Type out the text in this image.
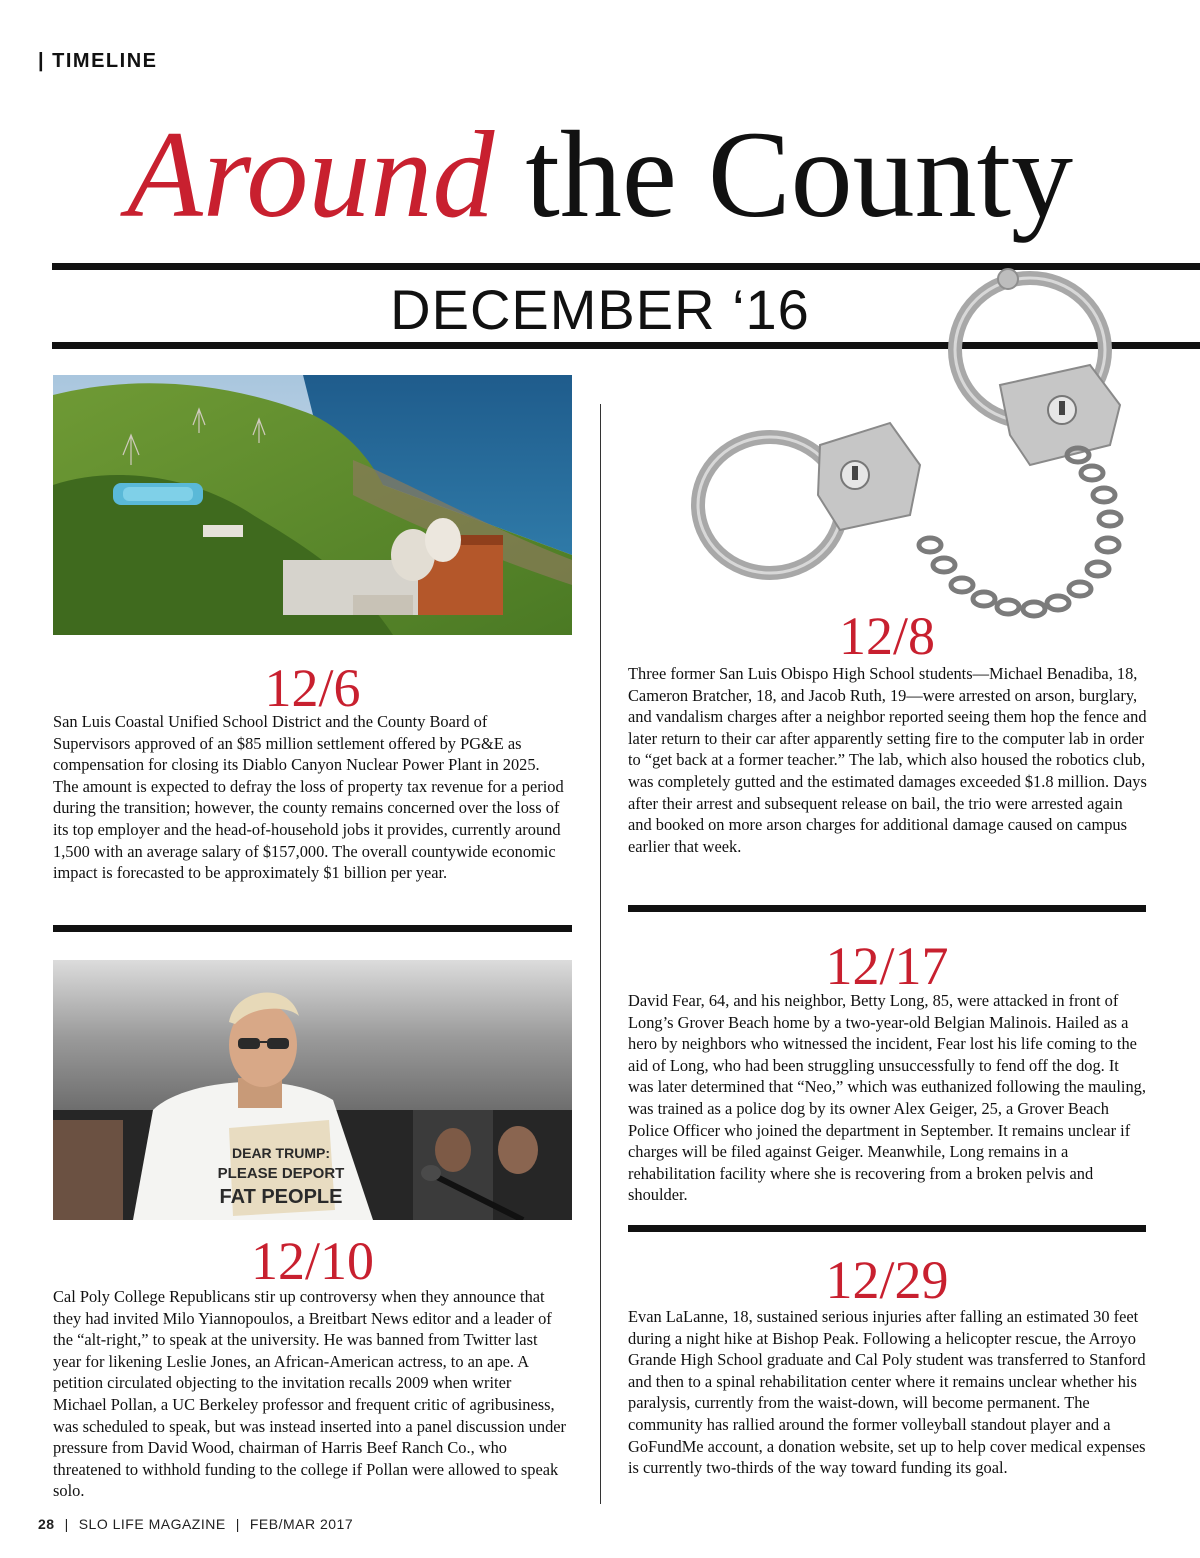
| TIMELINE
Around the County
DECEMBER ‘16
12/6
San Luis Coastal Unified School District and the County Board of Supervisors approved of an $85 million settlement offered by PG&E as compensation for closing its Diablo Canyon Nuclear Power Plant in 2025. The amount is expected to defray the loss of property tax revenue for a period during the transition; however, the county remains concerned over the loss of its top employer and the head-of-household jobs it provides, currently around 1,500 with an average salary of $157,000. The overall countywide economic impact is forecasted to be approximately $1 billion per year.
DEAR TRUMP:
PLEASE DEPORT
FAT PEOPLE
12/10
Cal Poly College Republicans stir up controversy when they announce that they had invited Milo Yiannopoulos, a Breitbart News editor and a leader of the “alt-right,” to speak at the university. He was banned from Twitter last year for likening Leslie Jones, an African-American actress, to an ape. A petition circulated objecting to the invitation recalls 2009 when writer Michael Pollan, a UC Berkeley professor and frequent critic of agribusiness, was scheduled to speak, but was instead inserted into a panel discussion under pressure from David Wood, chairman of Harris Beef Ranch Co., who threatened to withhold funding to the college if Pollan were allowed to speak solo.
12/8
Three former San Luis Obispo High School students—Michael Benadiba, 18, Cameron Bratcher, 18, and Jacob Ruth, 19—were arrested on arson, burglary, and vandalism charges after a neighbor reported seeing them hop the fence and later return to their car after apparently setting fire to the computer lab in order to “get back at a former teacher.” The lab, which also housed the robotics club, was completely gutted and the estimated damages exceeded $1.8 million. Days after their arrest and subsequent release on bail, the trio were arrested again and booked on more arson charges for additional damage caused on campus earlier that week.
12/17
David Fear, 64, and his neighbor, Betty Long, 85, were attacked in front of Long’s Grover Beach home by a two-year-old Belgian Malinois. Hailed as a hero by neighbors who witnessed the incident, Fear lost his life coming to the aid of Long, who had been struggling unsuccessfully to fend off the dog. It was later determined that “Neo,” which was euthanized following the mauling, was trained as a police dog by its owner Alex Geiger, 25, a Grover Beach Police Officer who joined the department in September. It remains unclear if charges will be filed against Geiger. Meanwhile, Long remains in a rehabilitation facility where she is recovering from a broken pelvis and shoulder.
12/29
Evan LaLanne, 18, sustained serious injuries after falling an estimated 30 feet during a night hike at Bishop Peak. Following a helicopter rescue, the Arroyo Grande High School graduate and Cal Poly student was transferred to Stanford and then to a spinal rehabilitation center where it remains unclear whether his paralysis, currently from the waist-down, will become permanent. The community has rallied around the former volleyball standout player and a GoFundMe account, a donation website, set up to help cover medical expenses is currently two-thirds of the way toward funding its goal.
28 | SLO LIFE MAGAZINE | FEB/MAR 2017
